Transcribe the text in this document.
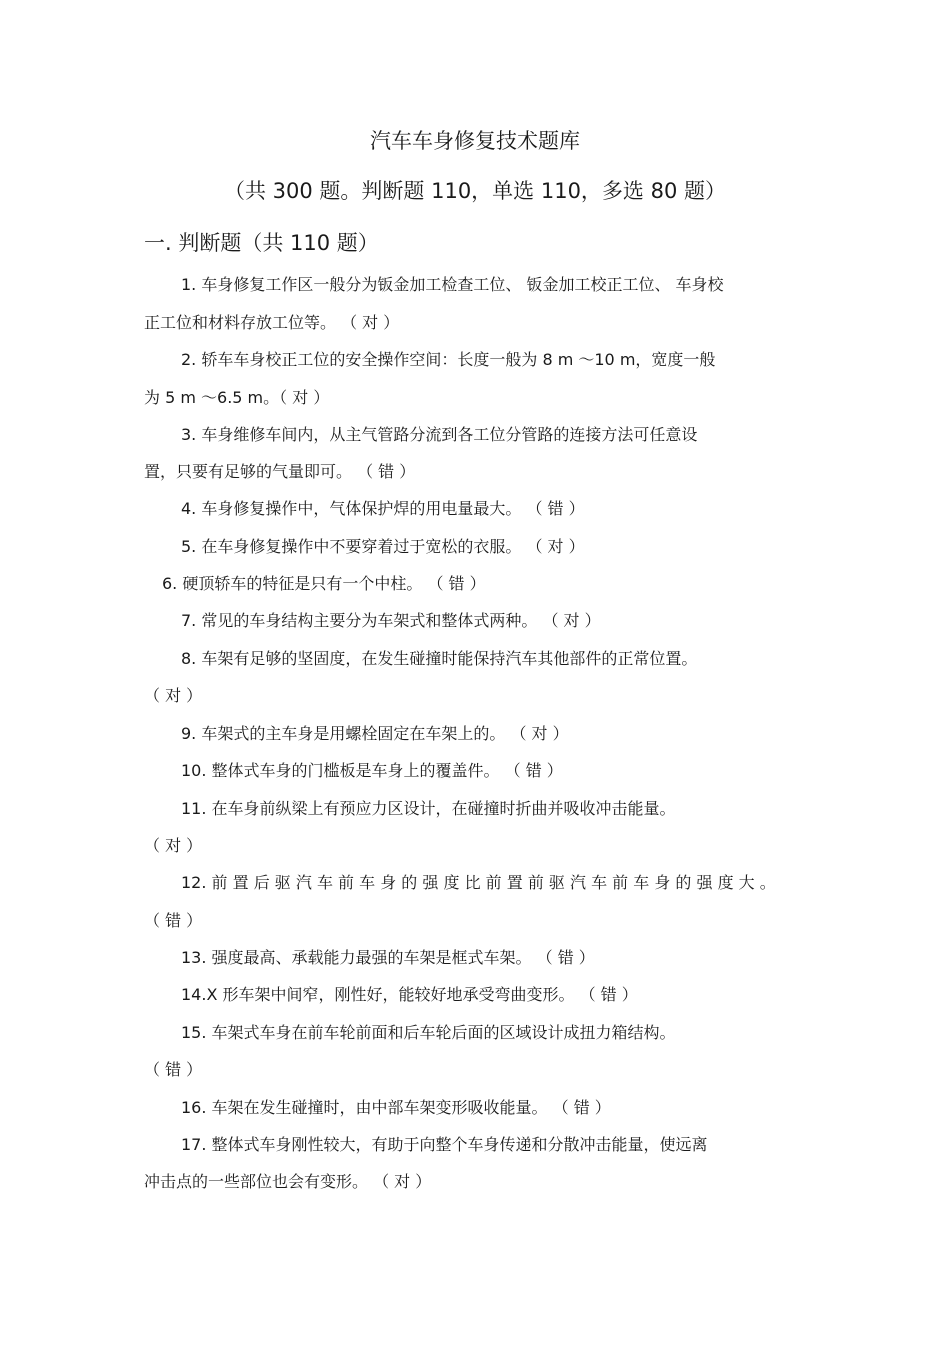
汽车车身修复技术题库
（共 300 题。判断题 110，单选 110，多选 80 题）
一. 判断题（共 110 题）
1. 车身修复工作区一般分为钣金加工检查工位、 钣金加工校正工位、 车身校
正工位和材料存放工位等。 （ 对 ）
2. 轿车车身校正工位的安全操作空间：长度一般为 8 m ～10 m，宽度一般
为 5 m ～6.5 m。（ 对 ）
3. 车身维修车间内，从主气管路分流到各工位分管路的连接方法可任意设
置，只要有足够的气量即可。 （ 错 ）
4. 车身修复操作中，气体保护焊的用电量最大。 （ 错 ）
5. 在车身修复操作中不要穿着过于宽松的衣服。 （ 对 ）
6. 硬顶轿车的特征是只有一个中柱。 （ 错 ）
7. 常见的车身结构主要分为车架式和整体式两种。 （ 对 ）
8. 车架有足够的坚固度，在发生碰撞时能保持汽车其他部件的正常位置。
（ 对 ）
9. 车架式的主车身是用螺栓固定在车架上的。 （ 对 ）
10. 整体式车身的门槛板是车身上的覆盖件。 （ 错 ）
11. 在车身前纵梁上有预应力区设计，在碰撞时折曲并吸收冲击能量。
（ 对 ）
12. 前 置 后 驱 汽 车 前 车 身 的 强 度 比 前 置 前 驱 汽 车 前 车 身 的 强 度 大 。
（ 错 ）
13. 强度最高、承载能力最强的车架是框式车架。 （ 错 ）
14.X 形车架中间窄，刚性好，能较好地承受弯曲变形。 （ 错 ）
15. 车架式车身在前车轮前面和后车轮后面的区域设计成扭力箱结构。
（ 错 ）
16. 车架在发生碰撞时，由中部车架变形吸收能量。 （ 错 ）
17. 整体式车身刚性较大，有助于向整个车身传递和分散冲击能量，使远离
冲击点的一些部位也会有变形。 （ 对 ）
